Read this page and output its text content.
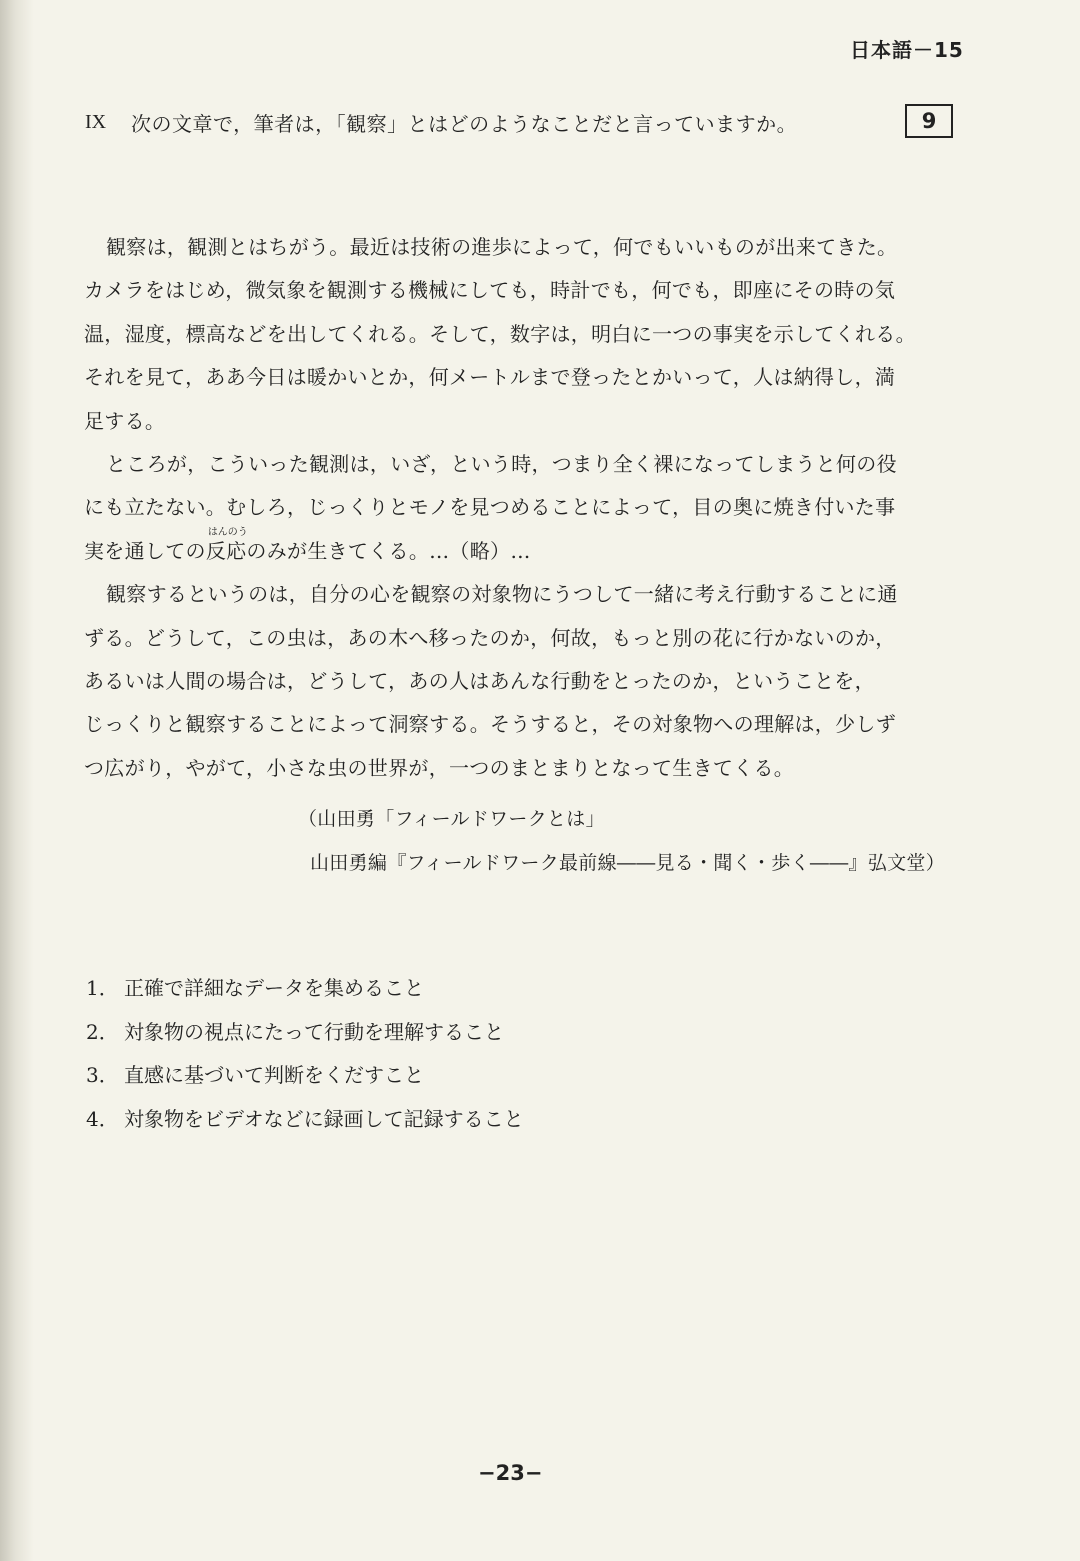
日本語－15
IX 次の文章で，筆者は，「観察」とはどのようなことだと言っていますか。	9
観察は，観測とはちがう。最近は技術の進歩によって，何でもいいものが出来てきた。
カメラをはじめ，微気象を観測する機械にしても，時計でも，何でも，即座にその時の気
温，湿度，標高などを出してくれる。そして，数字は，明白に一つの事実を示してくれる。
それを見て，ああ今日は暖かいとか，何メートルまで登ったとかいって，人は納得し，満
足する。
ところが，こういった観測は，いざ，という時，つまり全く裸になってしまうと何の役
にも立たない。むしろ，じっくりとモノを見つめることによって，目の奥に焼き付いた事
実を通しての
はんのう
反応のみが生きてくる。…（略）…
観察するというのは，自分の心を観察の対象物にうつして一緒に考え行動することに通
ずる。どうして，この虫は，あの木へ移ったのか，何故，もっと別の花に行かないのか，
あるいは人間の場合は，どうして，あの人はあんな行動をとったのか，ということを，
じっくりと観察することによって洞察する。そうすると，その対象物への理解は，少しず
つ広がり，やがて，小さな虫の世界が，一つのまとまりとなって生きてくる。
（山田勇「フィールドワークとは」
山田勇編『フィールドワーク最前線――見る・聞く・歩く――』弘文堂）
1． 正確で詳細なデータを集めること
2． 対象物の視点にたって行動を理解すること
3． 直感に基づいて判断をくだすこと
4． 対象物をビデオなどに録画して記録すること
−23−
